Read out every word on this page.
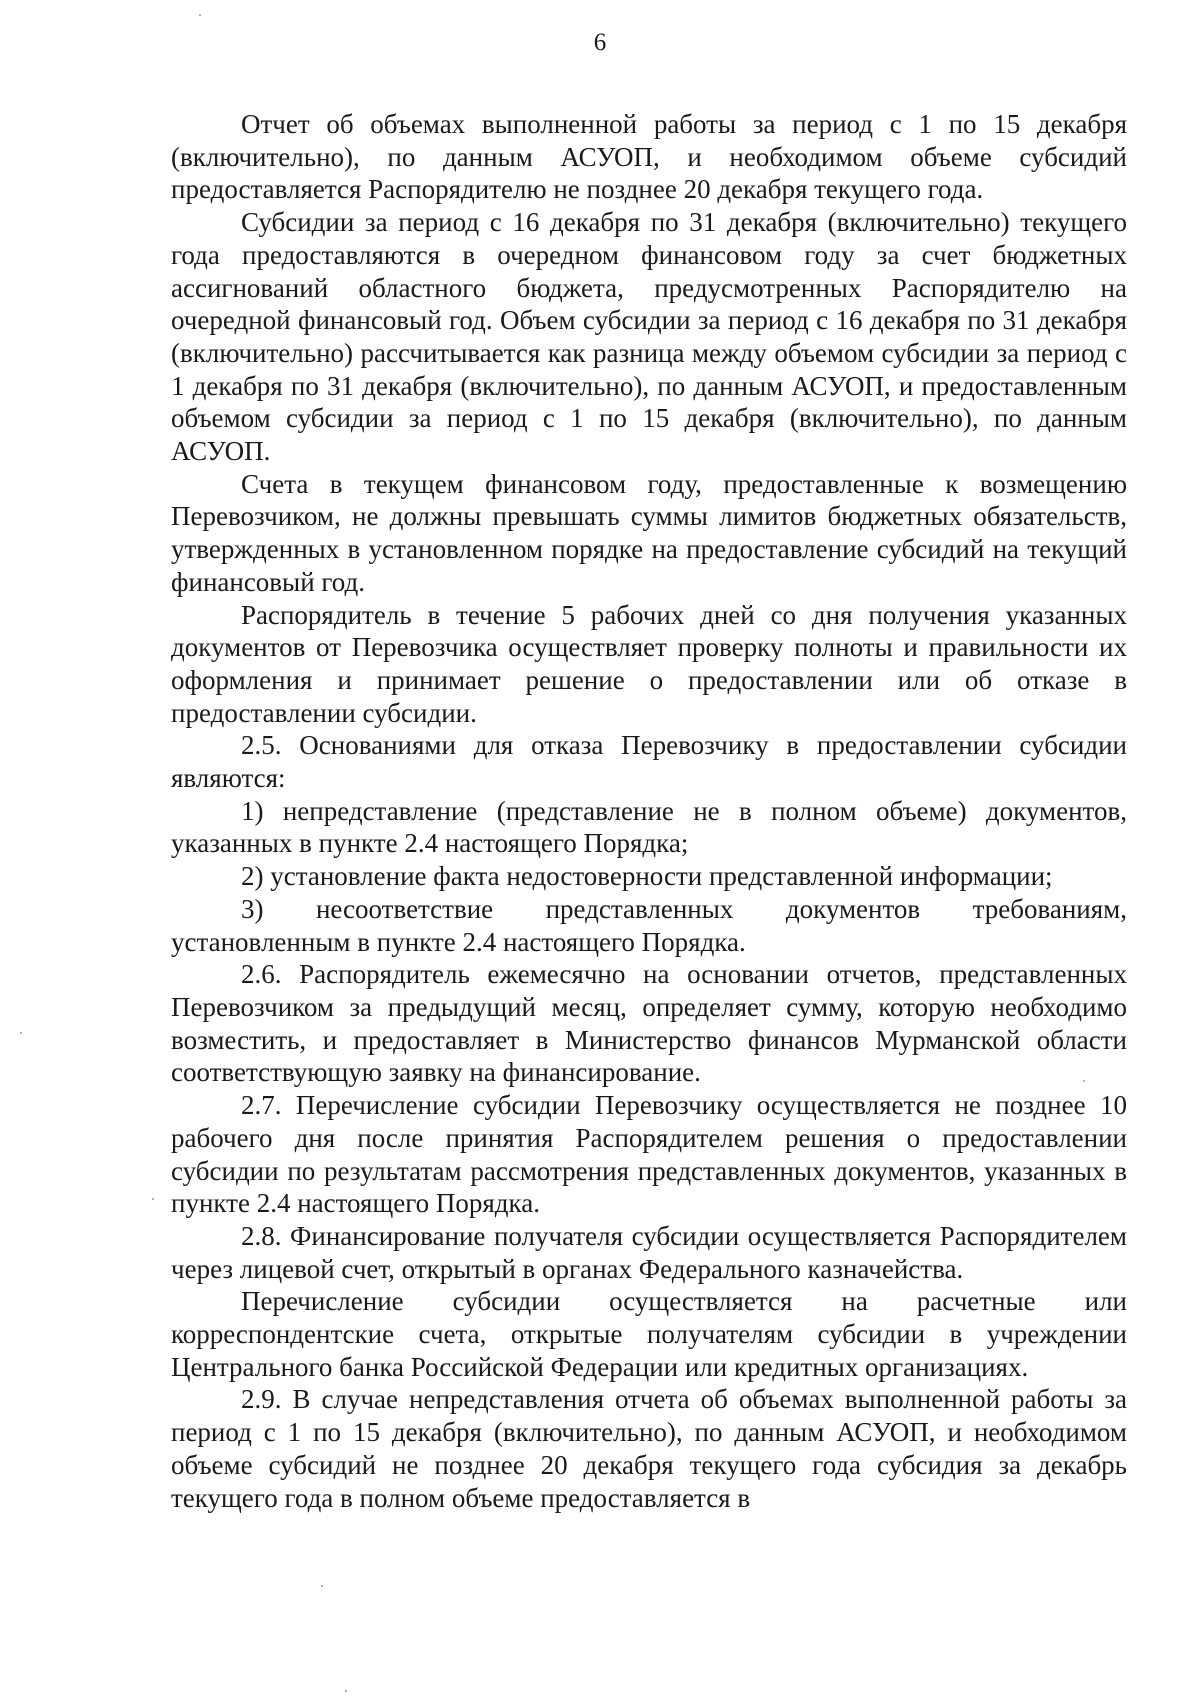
6

Отчет об объемах выполненной работы за период с 1 по 15 декабря (включительно), по данным АСУОП, и необходимом объеме субсидий предоставляется Распорядителю не позднее 20 декабря текущего года.

Субсидии за период с 16 декабря по 31 декабря (включительно) текущего года предоставляются в очередном финансовом году за счет бюджетных ассигнований областного бюджета, предусмотренных Распорядителю на очередной финансовый год. Объем субсидии за период с 16 декабря по 31 декабря (включительно) рассчитывается как разница между объемом субсидии за период с 1 декабря по 31 декабря (включительно), по данным АСУОП, и предоставленным объемом субсидии за период с 1 по 15 декабря (включительно), по данным АСУОП.

Счета в текущем финансовом году, предоставленные к возмещению Перевозчиком, не должны превышать суммы лимитов бюджетных обязательств, утвержденных в установленном порядке на предоставление субсидий на текущий финансовый год.

Распорядитель в течение 5 рабочих дней со дня получения указанных документов от Перевозчика осуществляет проверку полноты и правильности их оформления и принимает решение о предоставлении или об отказе в предоставлении субсидии.

2.5. Основаниями для отказа Перевозчику в предоставлении субсидии являются:

1) непредставление (представление не в полном объеме) документов, указанных в пункте 2.4 настоящего Порядка;

2) установление факта недостоверности представленной информации;

3) несоответствие представленных документов требованиям, установленным в пункте 2.4 настоящего Порядка.

2.6. Распорядитель ежемесячно на основании отчетов, представленных Перевозчиком за предыдущий месяц, определяет сумму, которую необходимо возместить, и предоставляет в Министерство финансов Мурманской области соответствующую заявку на финансирование.

2.7. Перечисление субсидии Перевозчику осуществляется не позднее 10 рабочего дня после принятия Распорядителем решения о предоставлении субсидии по результатам рассмотрения представленных документов, указанных в пункте 2.4 настоящего Порядка.

2.8. Финансирование получателя субсидии осуществляется Распорядителем через лицевой счет, открытый в органах Федерального казначейства.

Перечисление субсидии осуществляется на расчетные или корреспондентские счета, открытые получателям субсидии в учреждении Центрального банка Российской Федерации или кредитных организациях.

2.9. В случае непредставления отчета об объемах выполненной работы за период с 1 по 15 декабря (включительно), по данным АСУОП, и необходимом объеме субсидий не позднее 20 декабря текущего года субсидия за декабрь текущего года в полном объеме предоставляется в
